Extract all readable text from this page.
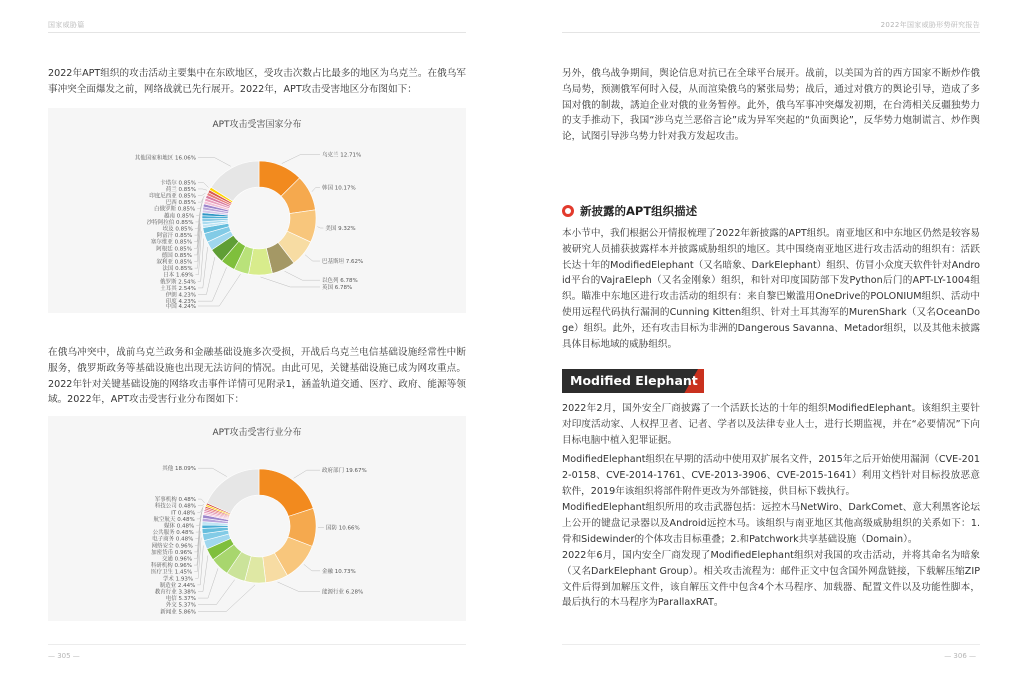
国家威胁篇	2022年国家威胁形势研究报告

2022年APT组织的攻击活动主要集中在东欧地区，受攻击次数占比最多的地区为乌克兰。在俄乌军事冲突全面爆发之前，网络战就已先行展开。2022年，APT攻击受害地区分布图如下：

APT攻击受害国家分布
乌克兰 12.71%
韩国 10.17%
美国 9.32%
巴基斯坦 7.62%
以色列 6.78%
英国 6.78%
其他国家和地区 16.06%
卡塔尔 0.85%
荷兰 0.85%
印度尼西亚 0.85%
巴西 0.85%
白俄罗斯 0.85%
越南 0.85%
沙特阿拉伯 0.85%
埃及 0.85%
阿富汗 0.85%
塞尔维亚 0.85%
阿根廷 0.85%
德国 0.85%
叙利亚 0.85%
法国 0.85%
日本 1.69%
俄罗斯 2.54%
土耳其 2.54%
伊朗 4.23%
印度 4.23%
中国 4.24%

在俄乌冲突中，战前乌克兰政务和金融基础设施多次受损，开战后乌克兰电信基础设施经常性中断服务，俄罗斯政务等基础设施也出现无法访问的情况。由此可见，关键基础设施已成为网攻重点。2022年针对关键基础设施的网络攻击事件详情可见附录1，涵盖轨道交通、医疗、政府、能源等领域。2022年，APT攻击受害行业分布图如下：

APT攻击受害行业分布
政府部门 19.67%
国防 10.66%
金融 10.73%
能源行业 6.28%
其他 18.09%
军事机构 0.48%
科技公司 0.48%
IT 0.48%
航空航天 0.48%
媒体 0.48%
公共服务 0.48%
电子商务 0.48%
网络安全 0.96%
加密货币 0.96%
交通 0.96%
科研机构 0.96%
医疗卫生 1.45%
学术 1.93%
制造业 2.44%
教育行业 3.38%
电信 5.37%
外交 5.37%
新闻业 5.86%
— 305 —

另外，俄乌战争期间，舆论信息对抗已在全球平台展开。战前，以美国为首的西方国家不断炒作俄乌局势，预测俄军何时入侵，从而渲染俄乌的紧张局势；战后，通过对俄方的舆论引导，造成了多国对俄的制裁，誘迫企业对俄的业务暂停。此外，俄乌军事冲突爆发初期，在台湾相关反疆独势力的支手推动下，我国“涉乌克兰恶俗言论”成为异军突起的“负面舆论”，反华势力炮制谎言、炒作舆论，试图引导涉乌势力针对我方发起攻击。

新披露的APT组织描述

本小节中，我们根据公开情报梳理了2022年新披露的APT组织。南亚地区和中东地区仍然是较容易被研究人员捕获披露样本并披露威胁组织的地区。其中围绕南亚地区进行攻击活动的组织有：活跃长达十年的ModifiedElephant（又名暗象、DarkElephant）组织、仿冒小众度天软件针对Android平台的VajraEleph（又名金刚象）组织，和针对印度国防部下发Python后门的APT-LY-1004组织。瞄准中东地区进行攻击活动的组织有：来自黎巴嫩滥用OneDrive的POLONIUM组织、活动中使用远程代码执行漏洞的Cunning Kitten组织、针对土耳其海军的MurenShark（又名OceanDoge）组织。此外，还有攻击目标为非洲的Dangerous Savanna、Metador组织，以及其他未披露具体目标地域的威胁组织。

Modified Elephant

2022年2月，国外安全厂商披露了一个活跃长达的十年的组织ModifiedElephant。该组织主要针对印度活动家、人权捍卫者、记者、学者以及法律专业人士，进行长期监视，并在“必要情况”下向目标电脑中植入犯罪证据。

ModifiedElephant组织在早期的活动中使用双扩展名文件，2015年之后开始使用漏洞（CVE-2012-0158、CVE-2014-1761、CVE-2013-3906、CVE-2015-1641）利用文档针对目标投放恶意软件，2019年该组织将部件附件更改为外部链接，供目标下载执行。

ModifiedElephant组织所用的攻击武器包括：远控木马NetWiro、DarkComet、意大利黑客论坛上公开的键盘记录器以及Android远控木马。该组织与南亚地区其他高级威胁组织的关系如下：1.骨和Sidewinder的个体攻击目标重叠；2.和Patchwork共享基础设施（Domain）。

2022年6月，国内安全厂商发现了ModifiedElephant组织对我国的攻击活动，并将其命名为暗象（又名DarkElephant Group）。相关攻击流程为：邮件正文中包含国外网盘链接，下载解压缩ZIP文件后得到加解压文件，该自解压文件中包含4个木马程序、加载器、配置文件以及功能性脚本，最后执行的木马程序为ParallaxRAT。

— 306 —
